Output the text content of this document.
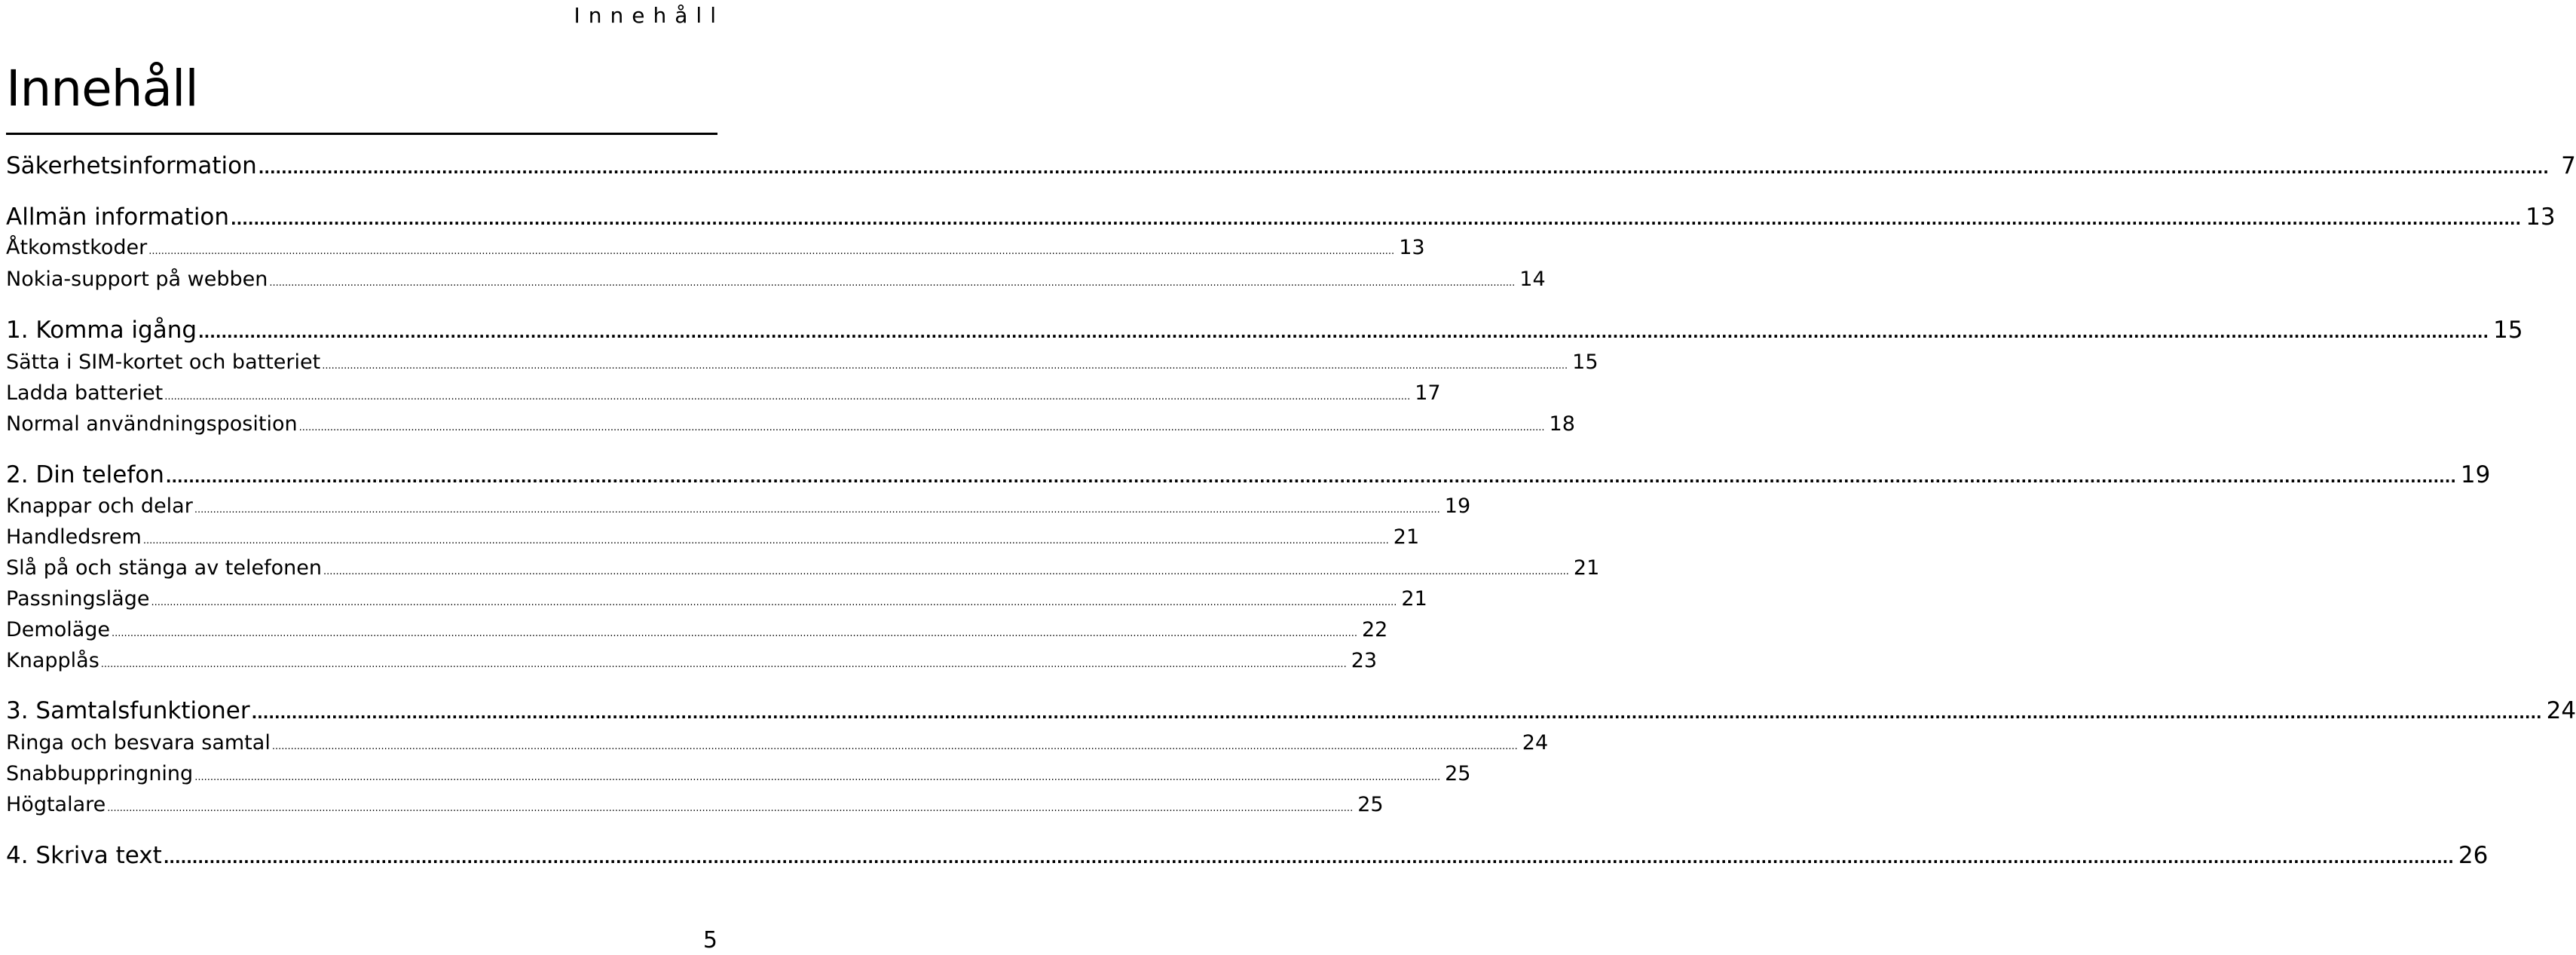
Innehåll
Innehåll
Säkerhetsinformation ................................................................................................................................................................................................................................................................................................................................................................................................................ 7
Allmän information ................................................................................................................................................................................................................................................................................................................................................................................................................ 13
Åtkomstkoder ................................................................................................................................................................................................................................................................................................................................................................................................................ 13
Nokia-support på webben ................................................................................................................................................................................................................................................................................................................................................................................................................ 14
1. Komma igång ................................................................................................................................................................................................................................................................................................................................................................................................................ 15
Sätta i SIM-kortet och batteriet ................................................................................................................................................................................................................................................................................................................................................................................................................ 15
Ladda batteriet ................................................................................................................................................................................................................................................................................................................................................................................................................ 17
Normal användningsposition ................................................................................................................................................................................................................................................................................................................................................................................................................ 18
2. Din telefon ................................................................................................................................................................................................................................................................................................................................................................................................................ 19
Knappar och delar ................................................................................................................................................................................................................................................................................................................................................................................................................ 19
Handledsrem ................................................................................................................................................................................................................................................................................................................................................................................................................ 21
Slå på och stänga av telefonen ................................................................................................................................................................................................................................................................................................................................................................................................................ 21
Passningsläge ................................................................................................................................................................................................................................................................................................................................................................................................................ 21
Demoläge ................................................................................................................................................................................................................................................................................................................................................................................................................ 22
Knapplås ................................................................................................................................................................................................................................................................................................................................................................................................................ 23
3. Samtalsfunktioner ................................................................................................................................................................................................................................................................................................................................................................................................................ 24
Ringa och besvara samtal ................................................................................................................................................................................................................................................................................................................................................................................................................ 24
Snabbuppringning ................................................................................................................................................................................................................................................................................................................................................................................................................ 25
Högtalare ................................................................................................................................................................................................................................................................................................................................................................................................................ 25
4. Skriva text ................................................................................................................................................................................................................................................................................................................................................................................................................ 26
5
